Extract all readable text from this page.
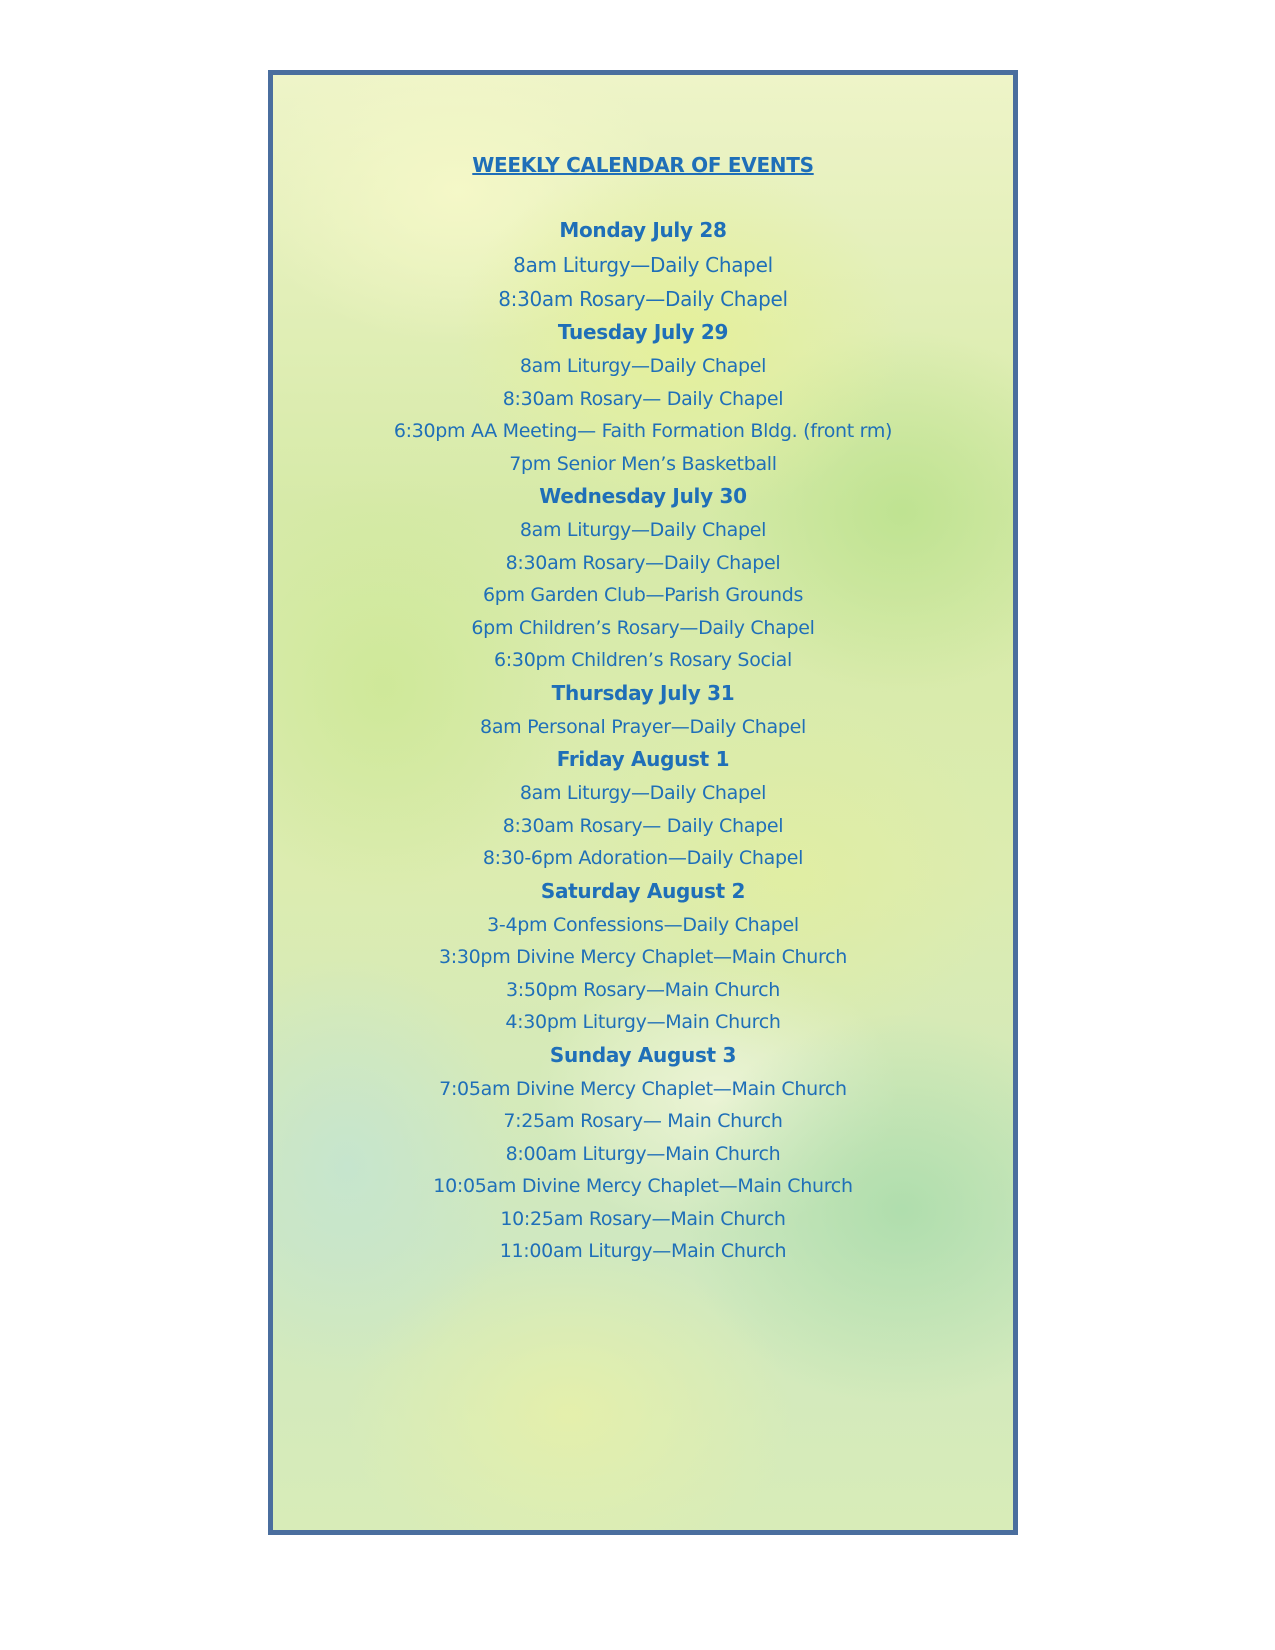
WEEKLY CALENDAR OF EVENTS
Monday July 28
8am Liturgy—Daily Chapel
8:30am Rosary—Daily Chapel
Tuesday July 29
8am Liturgy—Daily Chapel
8:30am Rosary— Daily Chapel
6:30pm AA Meeting— Faith Formation Bldg. (front rm)
7pm Senior Men’s Basketball
Wednesday July 30
8am Liturgy—Daily Chapel
8:30am Rosary—Daily Chapel
6pm Garden Club—Parish Grounds
6pm Children’s Rosary—Daily Chapel
6:30pm Children’s Rosary Social
Thursday July 31
8am Personal Prayer—Daily Chapel
Friday August 1
8am Liturgy—Daily Chapel
8:30am Rosary— Daily Chapel
8:30-6pm Adoration—Daily Chapel
Saturday August 2
3-4pm Confessions—Daily Chapel
3:30pm Divine Mercy Chaplet—Main Church
3:50pm Rosary—Main Church
4:30pm Liturgy—Main Church
Sunday August 3
7:05am Divine Mercy Chaplet—Main Church
7:25am Rosary— Main Church
8:00am Liturgy—Main Church
10:05am Divine Mercy Chaplet—Main Church
10:25am Rosary—Main Church
11:00am Liturgy—Main Church
